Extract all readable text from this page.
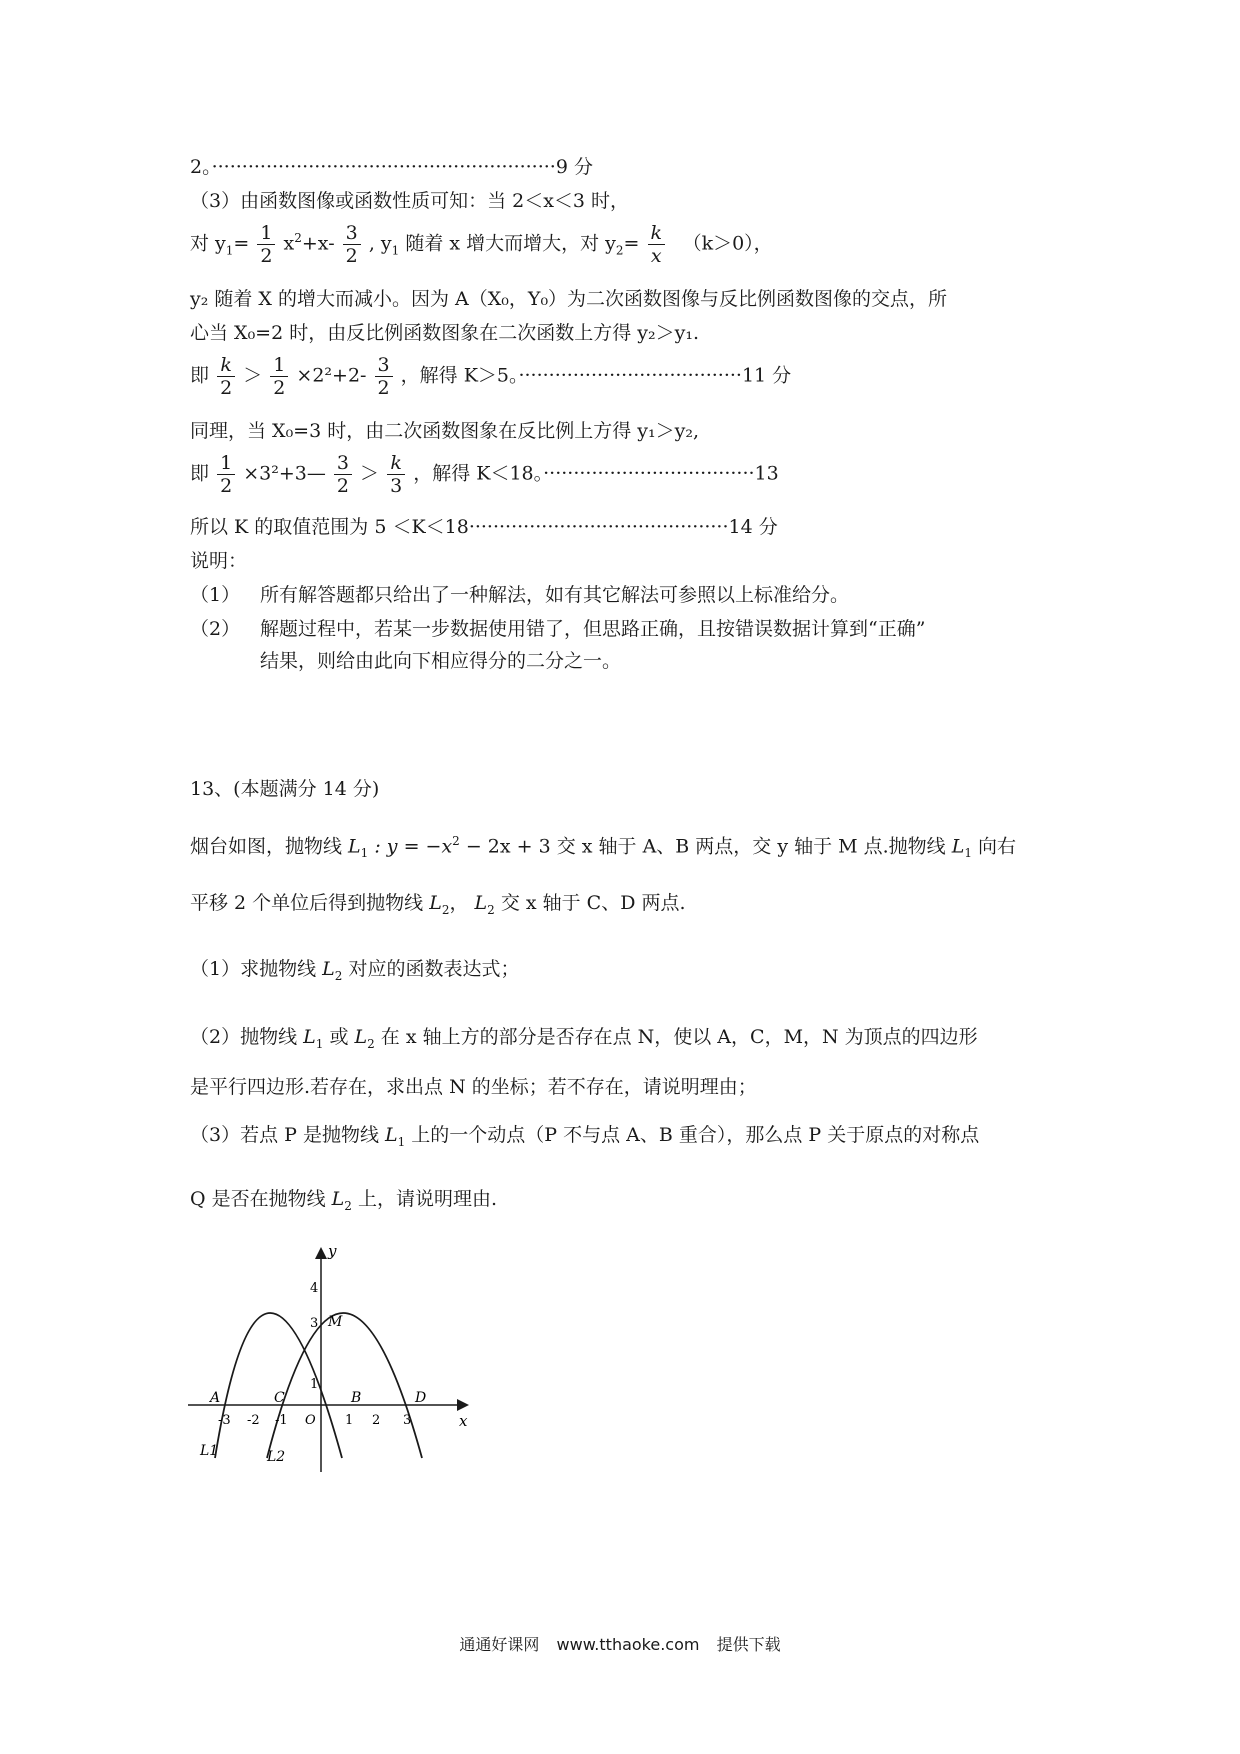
2。·························································9 分
（3）由函数图像或函数性质可知：当 2＜x＜3 时，
对 $y_1= \frac{1}{2} x^2+x- \frac{3}{2}$ , $y_1$ 随着 x 增大而增大，对 $y_2= \frac{k}{x}$ 　（k＞0），
y₂ 随着 X 的增大而减小。因为 A（X₀，Y₀）为二次函数图像与反比例函数图像的交点，所
心当 X₀=2 时，由反比例函数图象在二次函数上方得 y₂＞y₁.
即 $\frac{k}{2} > \frac{1}{2} \times 2^2+2- \frac{3}{2}$ ，解得 K＞5。·····································11 分
同理，当 X₀=3 时，由二次函数图象在反比例上方得 y₁＞y₂,
即 $\frac{1}{2}$ ×3²+3— $\frac{3}{2} > \frac{k}{3}$ ，解得 K＜18。···································13
所以 K 的取值范围为 5 ＜K＜18···········································14 分
说明：
（1） 所有解答题都只给出了一种解法，如有其它解法可参照以上标准给分。
（2） 解题过程中，若某一步数据使用错了，但思路正确，且按错误数据计算到“正确”
结果，则给由此向下相应得分的二分之一。
13、(本题满分 14 分)
烟台如图，抛物线 $L_1$ : $y = -x^2 - 2x + 3$ 交 x 轴于 A、B 两点，交 y 轴于 M 点.抛物线 $L_1$ 向右
平移 2 个单位后得到抛物线 $L_2$， $L_2$ 交 x 轴于 C、D 两点.
（1）求抛物线 $L_2$ 对应的函数表达式；
（2）抛物线 $L_1$ 或 $L_2$ 在 x 轴上方的部分是否存在点 N，使以 A，C，M，N 为顶点的四边形
是平行四边形.若存在，求出点 N 的坐标；若不存在，请说明理由；
（3）若点 P 是抛物线 $L_1$ 上的一个动点（P 不与点 A、B 重合），那么点 P 关于原点的对称点
Q 是否在抛物线 $L_2$ 上，请说明理由.
y
x
4
3
1
-3 -2 -1 O 1 2 3
A	C	B	D
M
L1	L2
通通好课网 www.tthaoke.com 提供下载
